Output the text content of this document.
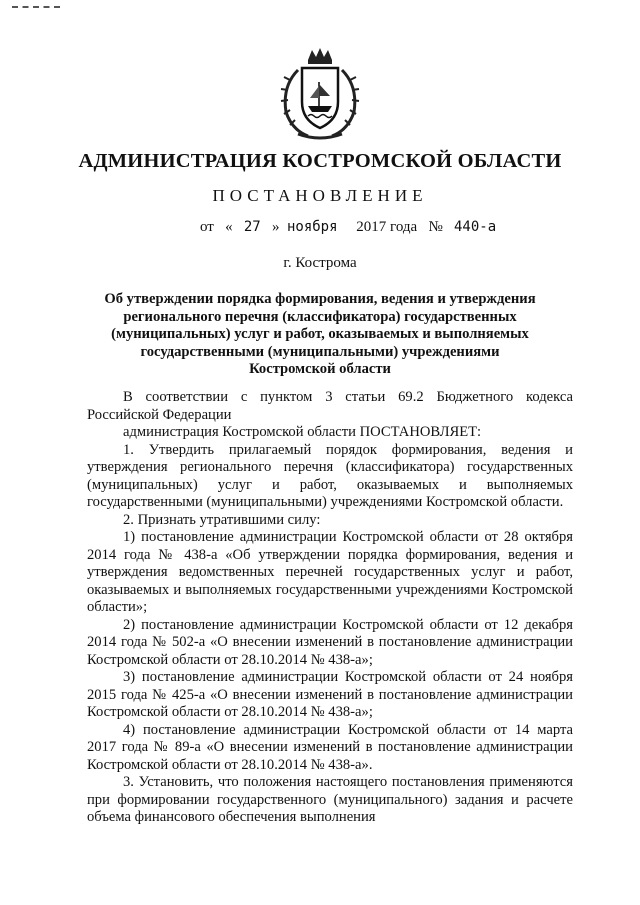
АДМИНИСТРАЦИЯ КОСТРОМСКОЙ ОБЛАСТИ
ПОСТАНОВЛЕНИЕ
от « 27 » ноября 2017 года № 440-а
г. Кострома
Об утверждении порядка формирования, ведения и утверждения регионального перечня (классификатора) государственных (муниципальных) услуг и работ, оказываемых и выполняемых государственными (муниципальными) учреждениями Костромской области

В соответствии с пунктом 3 статьи 69.2 Бюджетного кодекса Российской Федерации

администрация Костромской области ПОСТАНОВЛЯЕТ:

1. Утвердить прилагаемый порядок формирования, ведения и утверждения регионального перечня (классификатора) государственных (муниципальных) услуг и работ, оказываемых и выполняемых государственными (муниципальными) учреждениями Костромской области.

2. Признать утратившими силу:

1) постановление администрации Костромской области от 28 октября 2014 года № 438-а «Об утверждении порядка формирования, ведения и утверждения ведомственных перечней государственных услуг и работ, оказываемых и выполняемых государственными учреждениями Костромской области»;

2) постановление администрации Костромской области от 12 декабря 2014 года № 502-а «О внесении изменений в постановление администрации Костромской области от 28.10.2014 № 438-а»;

3) постановление администрации Костромской области от 24 ноября 2015 года № 425-а «О внесении изменений в постановление администрации Костромской области от 28.10.2014 № 438-а»;

4) постановление администрации Костромской области от 14 марта 2017 года № 89-а «О внесении изменений в постановление администрации Костромской области от 28.10.2014 № 438-а».

3. Установить, что положения настоящего постановления применяются при формировании государственного (муниципального) задания и расчете объема финансового обеспечения выполнения
